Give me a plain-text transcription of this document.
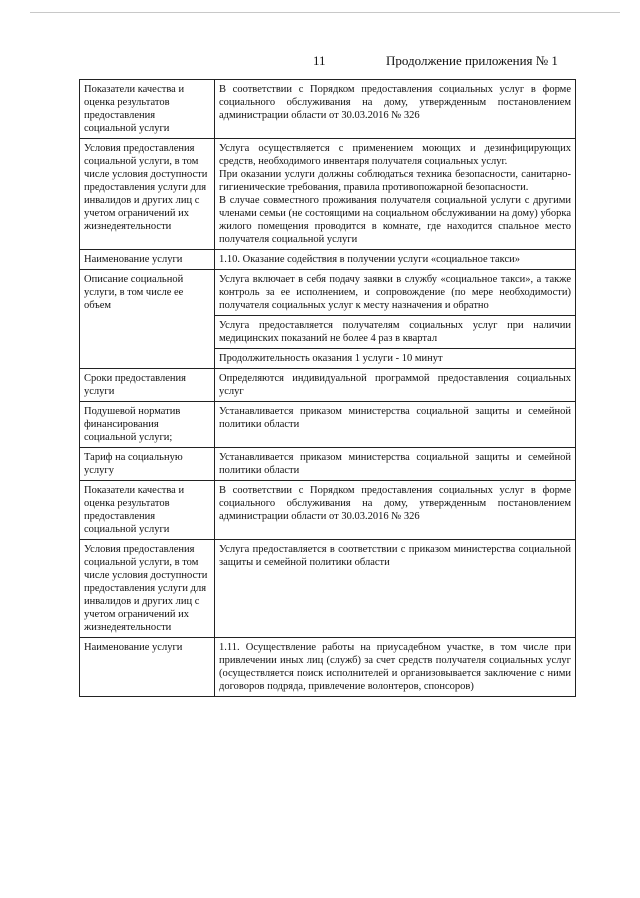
11	Продолжение приложения № 1
Показатели качества и оценка результатов предоставления социальной услуги	В соответствии с Порядком предоставления социальных услуг в форме социального обслуживания на дому, утвержденным постановлением администрации области от 30.03.2016 № 326

Условия предоставления социальной услуги, в том числе условия доступности предоставления услуги для инвалидов и других лиц с учетом ограничений их жизнедеятельности	Услуга осуществляется с применением моющих и дезинфицирующих средств, необходимого инвентаря получателя социальных услуг.
При оказании услуги должны соблюдаться техника безопасности, санитарно-гигиенические требования, правила противопожарной безопасности.
В случае совместного проживания получателя социальной услуги с другими членами семьи (не состоящими на социальном обслуживании на дому) уборка жилого помещения проводится в комнате, где находится спальное место получателя социальной услуги

Наименование услуги	1.10. Оказание содействия в получении услуги «социальное такси»

Описание социальной услуги, в том числе ее объем	Услуга включает в себя подачу заявки в службу «социальное такси», а также контроль за ее исполнением, и сопровождение (по мере необходимости) получателя социальных услуг к месту назначения и обратно

	Услуга предоставляется получателям социальных услуг при наличии медицинских показаний не более 4 раз в квартал

	Продолжительность оказания 1 услуги - 10 минут

Сроки предоставления услуги	Определяются индивидуальной программой предоставления социальных услуг

Подушевой норматив финансирования социальной услуги;	Устанавливается приказом министерства социальной защиты и семейной политики области

Тариф на социальную услугу	Устанавливается приказом министерства социальной защиты и семейной политики области

Показатели качества и оценка результатов предоставления социальной услуги	В соответствии с Порядком предоставления социальных услуг в форме социального обслуживания на дому, утвержденным постановлением администрации области от 30.03.2016 № 326

Условия предоставления социальной услуги, в том числе условия доступности предоставления услуги для инвалидов и других лиц с учетом ограничений их жизнедеятельности	Услуга предоставляется в соответствии с приказом министерства социальной защиты и семейной политики области

Наименование услуги	1.11. Осуществление работы на приусадебном участке, в том числе при привлечении иных лиц (служб) за счет средств получателя социальных услуг (осуществляется поиск исполнителей и организовывается заключение с ними договоров подряда, привлечение волонтеров, спонсоров)
